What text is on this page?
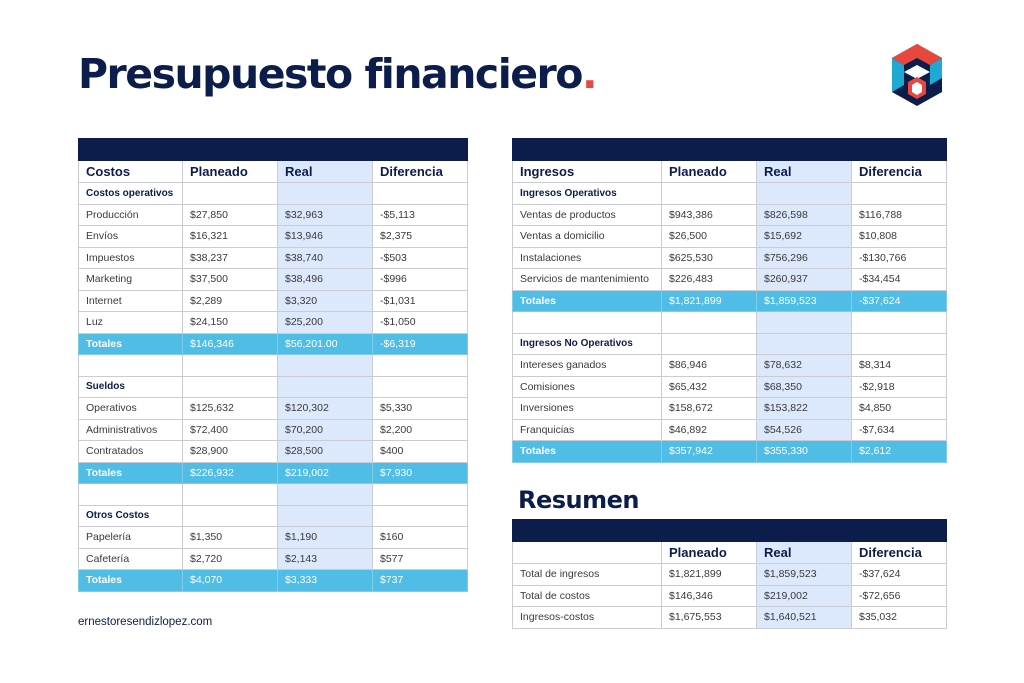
Presupuesto financiero.

Costos	Planeado	Real	Diferencia
Costos operativos			
Producción	$27,850	$32,963	-$5,113
Envíos	$16,321	$13,946	$2,375
Impuestos	$38,237	$38,740	-$503
Marketing	$37,500	$38,496	-$996
Internet	$2,289	$3,320	-$1,031
Luz	$24,150	$25,200	-$1,050
Totales	$146,346	$56,201.00	-$6,319

Sueldos			
Operativos	$125,632	$120,302	$5,330
Administrativos	$72,400	$70,200	$2,200
Contratados	$28,900	$28,500	$400
Totales	$226,932	$219,002	$7,930

Otros Costos			
Papelería	$1,350	$1,190	$160
Cafetería	$2,720	$2,143	$577
Totales	$4,070	$3,333	$737

Ingresos	Planeado	Real	Diferencia
Ingresos Operativos			
Ventas de productos	$943,386	$826,598	$116,788
Ventas a domicilio	$26,500	$15,692	$10,808
Instalaciones	$625,530	$756,296	-$130,766
Servicios de mantenimiento	$226,483	$260,937	-$34,454
Totales	$1,821,899	$1,859,523	-$37,624

Ingresos No Operativos			
Intereses ganados	$86,946	$78,632	$8,314
Comisiones	$65,432	$68,350	-$2,918
Inversiones	$158,672	$153,822	$4,850
Franquicias	$46,892	$54,526	-$7,634
Totales	$357,942	$355,330	$2,612
Resumen

	Planeado	Real	Diferencia
Total de ingresos	$1,821,899	$1,859,523	-$37,624
Total de costos	$146,346	$219,002	-$72,656
Ingresos-costos	$1,675,553	$1,640,521	$35,032
ernestoresendizlopez.com
